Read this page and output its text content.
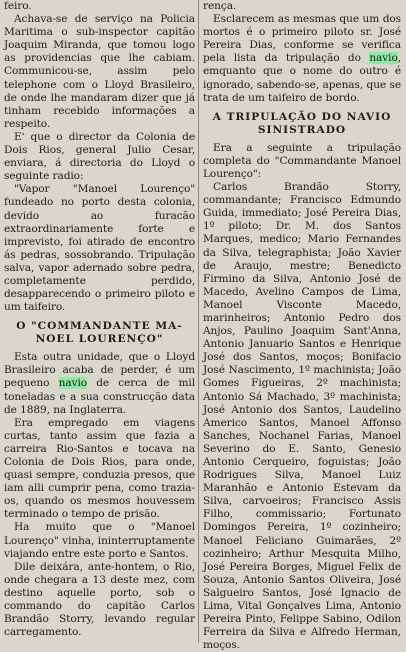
feiro.

Achava-se de serviço na Policia Maritima o sub-inspector capitão Joaquim Miranda, que tomou logo as providencias que lhe cabiam. Communicou-se, assim pelo telephone com o Lloyd Brasileiro, de onde lhe mandaram dizer que já tinham recebido informações a respeito.

E' que o director da Colonia de Dois Rios, general Julio Cesar, enviara, á directoria do Lloyd o seguinte radio:

"Vapor "Manoel Lourenço" fundeado no porto desta colonia, devido ao furacão extraordinariamente forte e imprevisto, foi atirado de encontro ás pedras, sossobrando. Tripulação salva, vapor adernado sobre pedra, completamente perdido, desapparecendo o primeiro piloto e um taifeiro.

O "COMMANDANTE MA-
NOEL LOURENÇO"

Esta outra unidade, que o Lloyd Brasileiro acaba de perder, é um pequeno navio de cerca de mil toneladas e a sua construcção data de 1889, na Inglaterra.

Era empregado em viagens curtas, tanto assim que fazia a carreira Rio-Santos e tocava na Colonia de Dois Rios, para onde, quasi sempre, conduzia presos, que iam alli cumprir pena, como trazia-os, quando os mesmos houvessem terminado o tempo de prisão.

Ha muito que o "Manoel Lourenço" vinha, ininterruptamente viajando entre este porto e Santos.

Dile deixára, ante-hontem, o Rio, onde chegara a 13 deste mez, com destino aquelle porto, sob o commando do capitão Carlos Brandão Storry, levando regular carregamento.

rença.

Esclarecem as mesmas que um dos mortos é o primeiro piloto sr. José Pereira Dias, conforme se verifica pela lista da tripulação do navio, emquanto que o nome do outro é ignorado, sabendo-se, apenas, que se trata de um taifeiro de bordo.

A TRIPULAÇÃO DO NAVIO
SINISTRADO

Era a seguinte a tripulação completa do "Commandante Manoel Lourenço":

Carlos Brandão Storry, commandante; Francisco Edmundo Guida, immediato; José Pereira Dias, 1º piloto; Dr. M. dos Santos Marques, medico; Mario Fernandes da Silva, telegraphista; João Xavier de Araujo, mestre; Benedicto Firmino da Silva, Antonio José de Macedo, Avelino Campos de Lima, Manoel Visconte Macedo, marinheiros; Antonio Pedro dos Anjos, Paulino Joaquim Sant'Anna, Antonio Januario Santos e Henrique José dos Santos, moços; Bonifacio José Nascimento, 1º machinista; João Gomes Figueiras, 2º machinista; Antonio Sá Machado, 3º machinista; José Antonio dos Santos, Laudelino Americo Santos, Manoel Affonso Sanches, Nochanel Farias, Manoel Severino do E. Santo, Genesio Antonio Cerqueiro, foguistas; João Rodrigues Silva, Manoel Luiz Maranhão e Antonio Estevam da Silva, carvoeiros; Francisco Assis Filho, commissario; Fortunato Domingos Pereira, 1º cozinheiro; Manoel Feliciano Guimarães, 2º cozinheiro; Arthur Mesquita Milho, José Pereira Borges, Miguel Felix de Souza, Antonio Santos Oliveira, José Salgueiro Santos, José Ignacio de Lima, Vital Gonçalves Lima, Antonio Pereira Pinto, Felippe Sabino, Odilon Ferreira da Silva e Alfredo Herman, moços.
